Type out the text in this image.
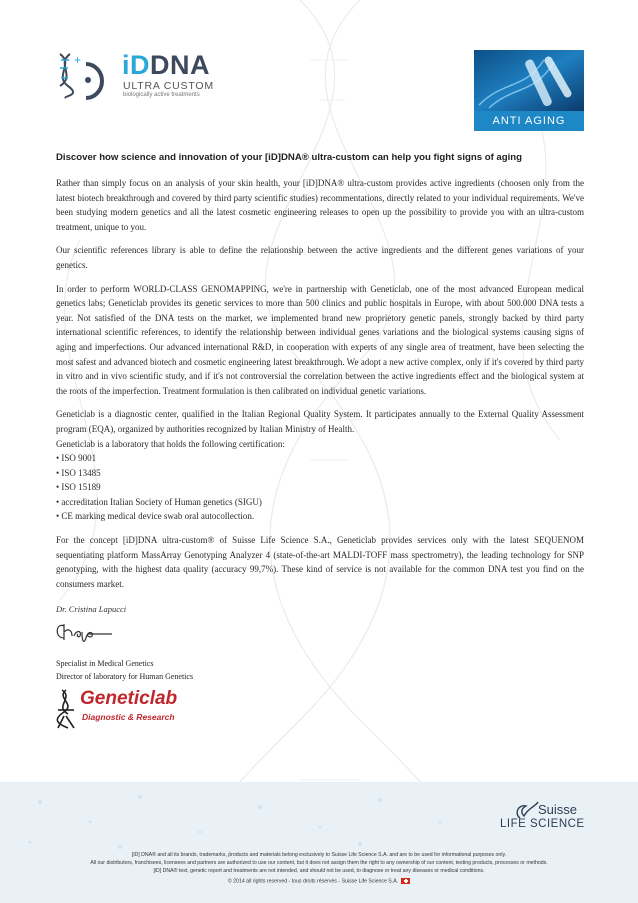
+ iDDNA
ULTRA CUSTOM
biologically active treatments
ANTI AGING
Discover how science and innovation of your [iD]DNA® ultra-custom can help you fight signs of aging

Rather than simply focus on an analysis of your skin health, your [iD]DNA® ultra-custom provides active ingredients (choosen only from the latest biotech breakthrough and covered by third party scientific studies) recommentations, directly related to your individual requirements. We've been studying modern genetics and all the latest cosmetic engineering releases to open up the possibility to provide you with an ultra-custom treatment, unique to you.

Our scientific references library is able to define the relationship between the active ingredients and the different genes variations of your genetics.

In order to perform WORLD-CLASS GENOMAPPING, we're in partnership with Geneticlab, one of the most advanced European medical genetics labs; Geneticlab provides its genetic services to more than 500 clinics and public hospitals in Europe, with about 500.000 DNA tests a year. Not satisfied of the DNA tests on the market, we implemented brand new proprietory genetic panels, strongly backed by third party international scientific references, to identify the relationship between individual genes variations and the biological systems causing signs of aging and imperfections. Our advanced international R&D, in cooperation with experts of any single area of treatment, have been selecting the most safest and advanced biotech and cosmetic engineering latest breakthrough. We adopt a new active complex, only if it's covered by third party in vitro and in vivo scientific study, and if it's not controversial the correlation between the active ingredients effect and the biological system at the roots of the imperfection. Treatment formulation is then calibrated on individual genetic variations.

Geneticlab is a diagnostic center, qualified in the Italian Regional Quality System. It participates annually to the External Quality Assessment program (EQA), organized by authorities recognized by Italian Ministry of Health.

Geneticlab is a laboratory that holds the following certification:
• ISO 9001
• ISO 13485
• ISO 15189
• accreditation Italian Society of Human genetics (SIGU)
• CE marking medical device swab oral autocollection.

For the concept [iD]DNA ultra-custom® of Suisse Life Science S.A., Geneticlab provides services only with the latest SEQUENOM sequentiating platform MassArray Genotyping Analyzer 4 (state-of-the-art MALDI-TOFF mass spectrometry), the leading technology for SNP genotyping, with the highest data quality (accuracy 99,7%). These kind of service is not available for the common DNA test you find on the consumers market.

Dr. Cristina Lapucci
Specialist in Medical Genetics
Director of laboratory for Human Genetics
Geneticlab
Diagnostic & Research
Suisse
LIFE SCIENCE

[iD] DNA® and all its brands, trademarks, products and materials belong exclusively to Suisse Life Science S.A. and are to be used for informational purposes only.

All our distributors, franchisees, licensees and partners are authorized to use our content, but it does not assign them the right to any ownership of our content, testing products, processes or methods.

[iD] DNA® test, genetic report and treatments are not intended, and should not be used, to diagnose or treat any diseases or medical conditions.

© 2014 all rights reserved - tous droits réservés - Suisse Life Science S.A.
